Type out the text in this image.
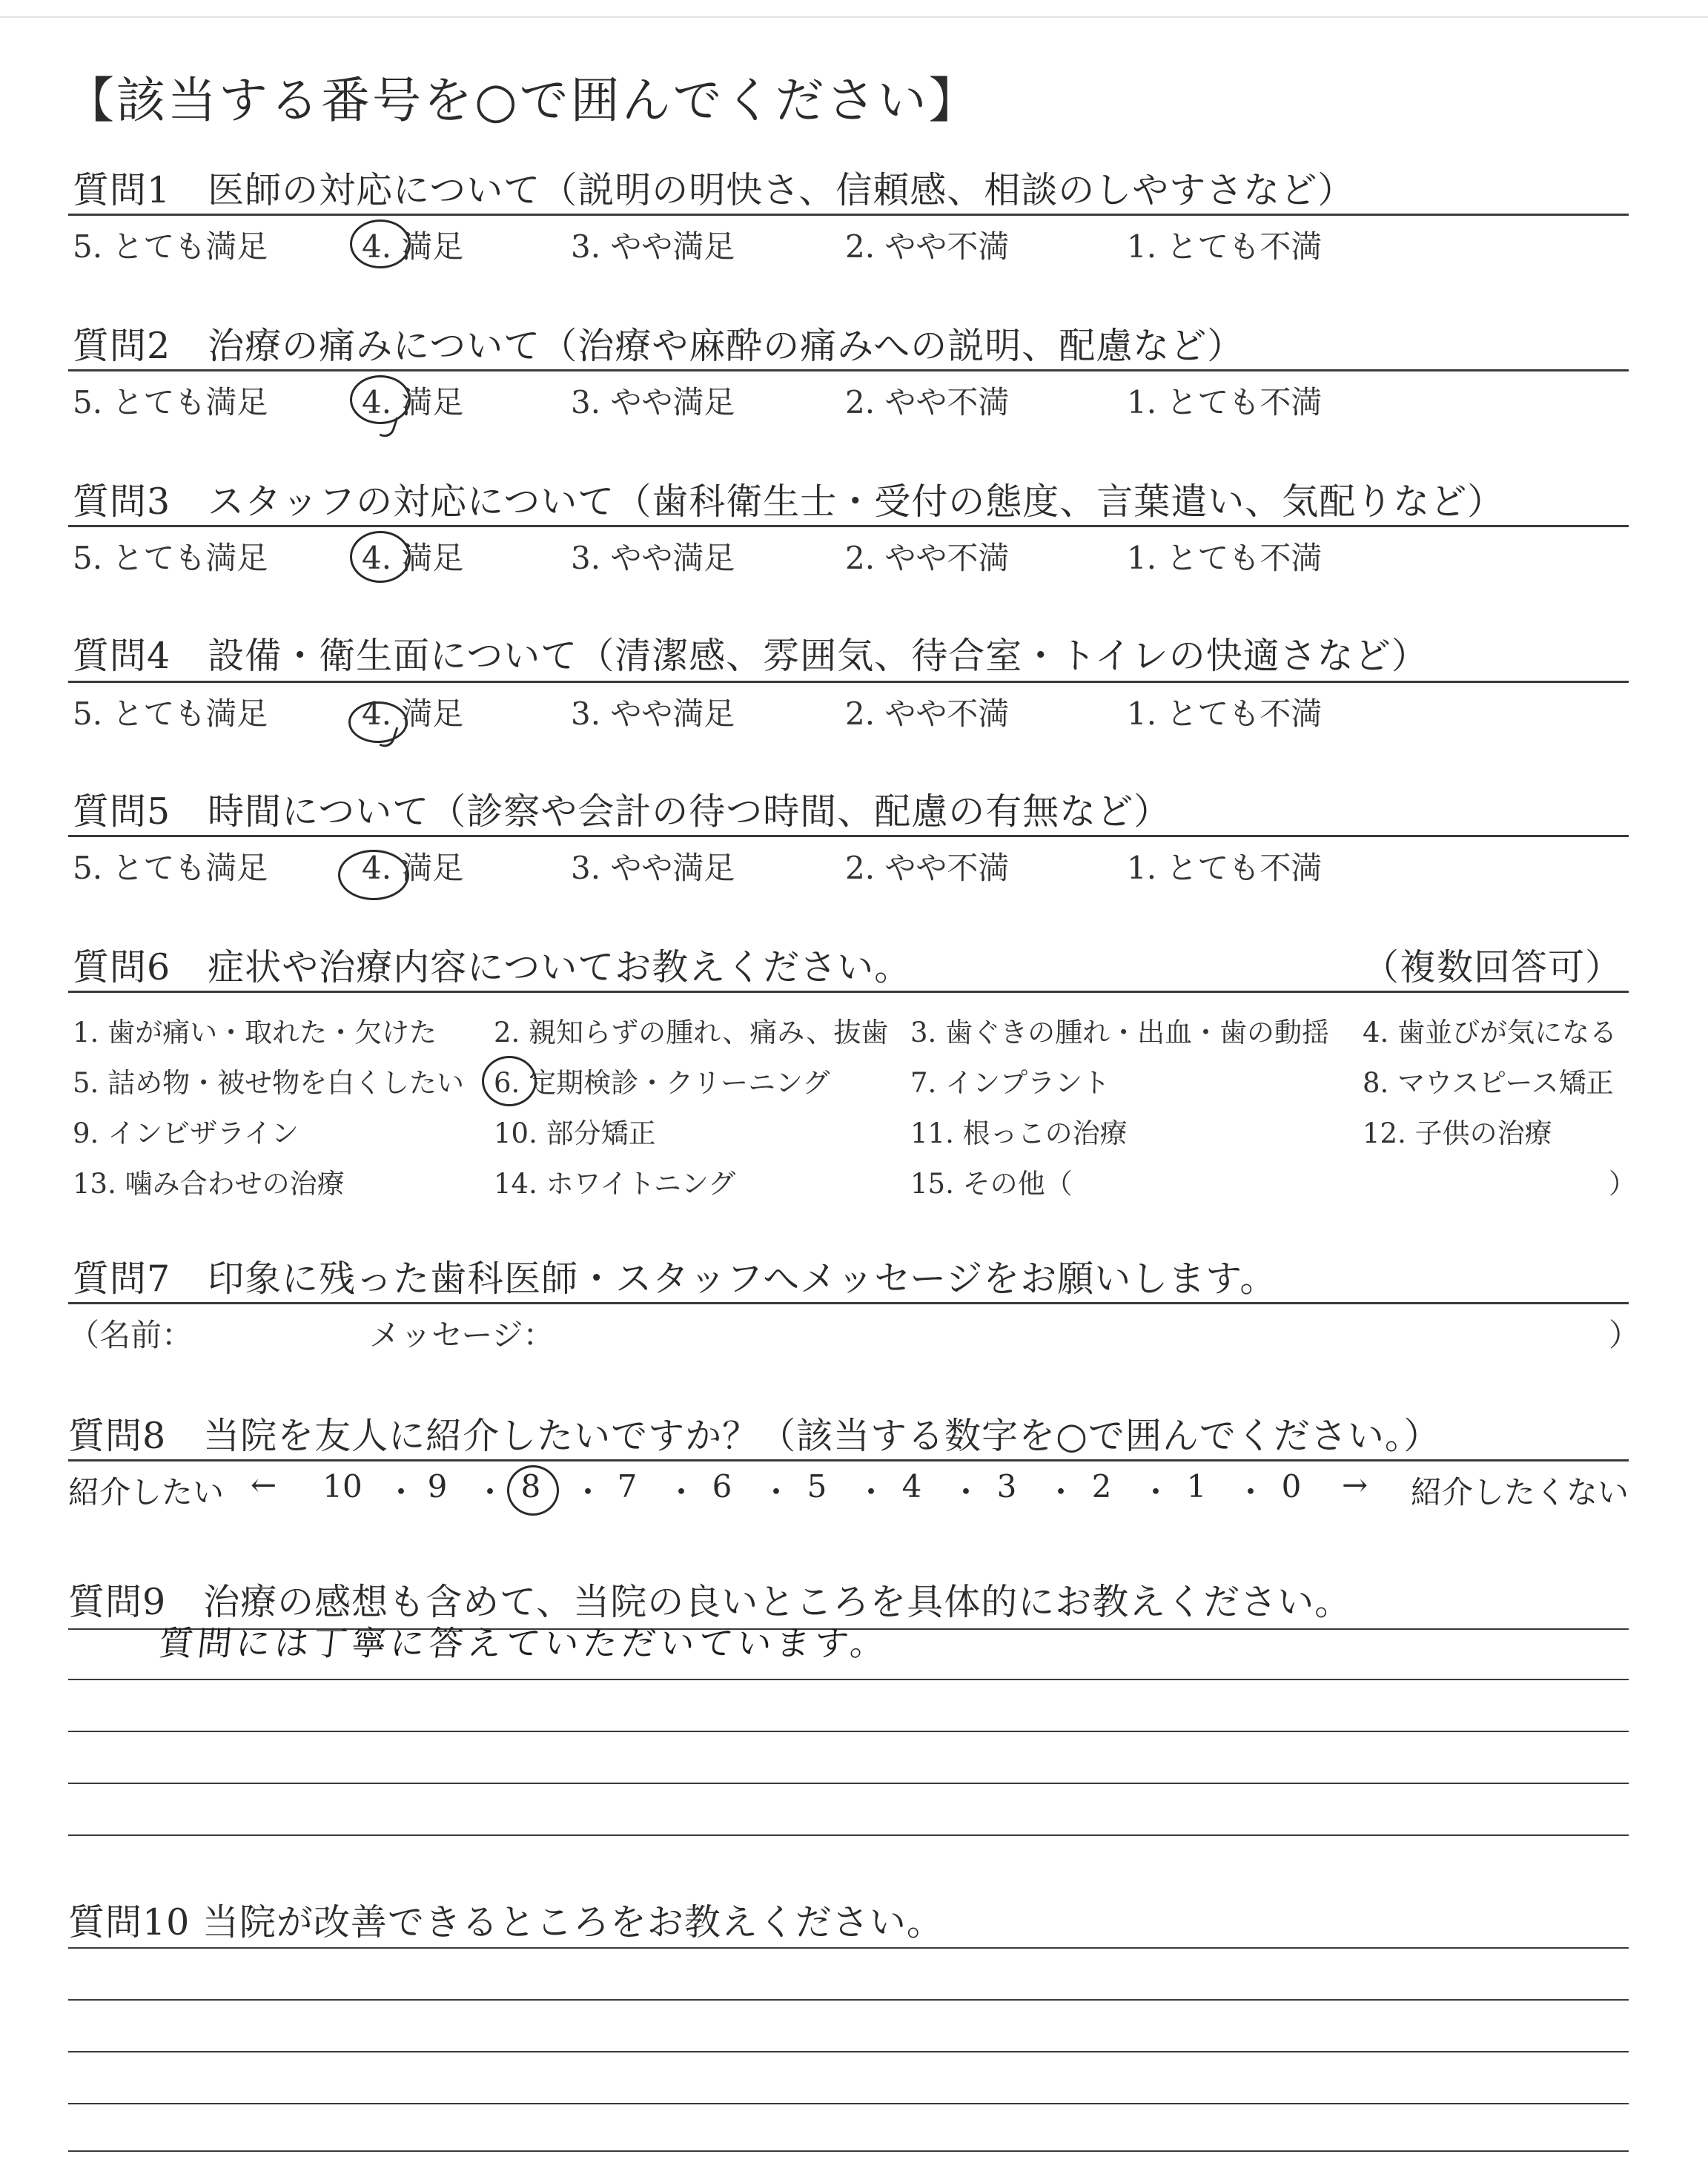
【該当する番号を○で囲んでください】
質問1　医師の対応について（説明の明快さ、信頼感、相談のしやすさなど）
5. とても満足	4. 満足	3. やや満足	2. やや不満	1. とても不満
質問2　治療の痛みについて（治療や麻酔の痛みへの説明、配慮など）
5. とても満足	4. 満足	3. やや満足	2. やや不満	1. とても不満
質問3　スタッフの対応について（歯科衛生士・受付の態度、言葉遣い、気配りなど）
5. とても満足	4. 満足	3. やや満足	2. やや不満	1. とても不満
質問4　設備・衛生面について（清潔感、雰囲気、待合室・トイレの快適さなど）
5. とても満足	4. 満足	3. やや満足	2. やや不満	1. とても不満
質問5　時間について（診察や会計の待つ時間、配慮の有無など）
5. とても満足	4. 満足	3. やや満足	2. やや不満	1. とても不満
質問6　症状や治療内容についてお教えください。	（複数回答可）
1. 歯が痛い・取れた・欠けた 2. 親知らずの腫れ、痛み、抜歯 3. 歯ぐきの腫れ・出血・歯の動揺 4. 歯並びが気になる
5. 詰め物・被せ物を白くしたい 6. 定期検診・クリーニング	7. インプラント	8. マウスピース矯正
9. インビザライン	10. 部分矯正	11. 根っこの治療	12. 子供の治療
13. 噛み合わせの治療	14. ホワイトニング	15. その他（	）
質問7　印象に残った歯科医師・スタッフへメッセージをお願いします。
（名前：	メッセージ：	）
質問8　当院を友人に紹介したいですか？（該当する数字を○で囲んでください。）
紹介したい ← 10 ・ 9 ・ 8	・ 7 ・ 6 ・ 5 ・ 4 ・ 3 ・ 2 ・ 1 ・ 0	→ 紹介したくない
質問9　治療の感想も含めて、当院の良いところを具体的にお教えください。
質問には丁寧に答えていただいています。
質問10 当院が改善できるところをお教えください。
